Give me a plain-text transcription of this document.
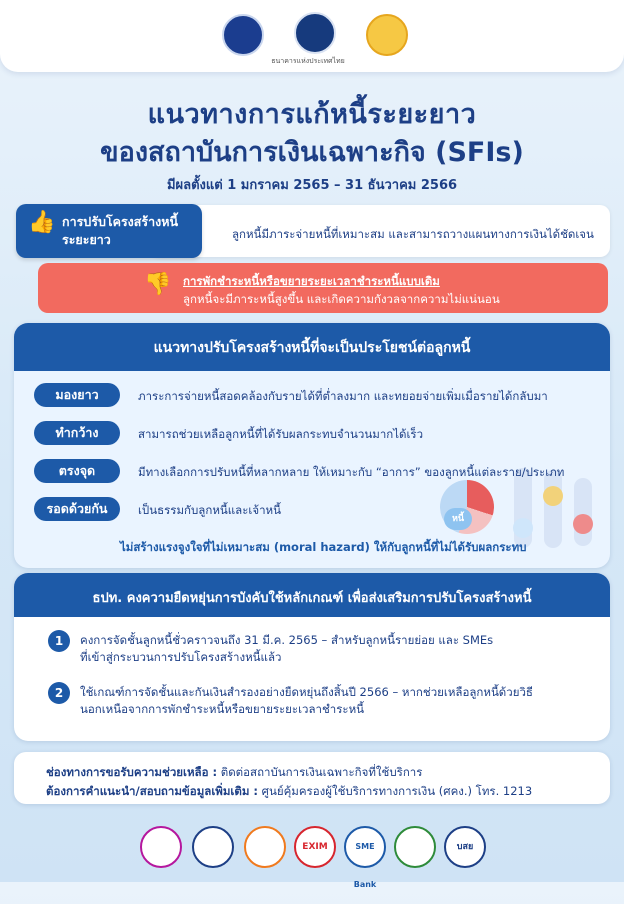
ธนาคารแห่งประเทศไทย
แนวทางการแก้หนี้ระยะยาว
ของสถาบันการเงินเฉพาะกิจ (SFIs)
มีผลตั้งแต่ 1 มกราคม 2565 – 31 ธันวาคม 2566
ลูกหนี้มีภาระจ่ายหนี้ที่เหมาะสม และสามารถวางแผนทางการเงินได้ชัดเจน
👍 การปรับโครงสร้างหนี้ระยะยาว
👎 การพักชำระหนี้หรือขยายระยะเวลาชำระหนี้แบบเดิม
ลูกหนี้จะมีภาระหนี้สูงขึ้น และเกิดความกังวลจากความไม่แน่นอน
แนวทางปรับโครงสร้างหนี้ที่จะเป็นประโยชน์ต่อลูกหนี้
หนี้
มองยาว	ภาระการจ่ายหนี้สอดคล้องกับรายได้ที่ต่ำลงมาก และทยอยจ่ายเพิ่มเมื่อรายได้กลับมา
ทำกว้าง	สามารถช่วยเหลือลูกหนี้ที่ได้รับผลกระทบจำนวนมากได้เร็ว
ตรงจุด	มีทางเลือกการปรับหนี้ที่หลากหลาย ให้เหมาะกับ “อาการ” ของลูกหนี้แต่ละราย/ประเภท
รอดด้วยกัน	เป็นธรรมกับลูกหนี้และเจ้าหนี้
ไม่สร้างแรงจูงใจที่ไม่เหมาะสม (moral hazard) ให้กับลูกหนี้ที่ไม่ได้รับผลกระทบ
ธปท. คงความยืดหยุ่นการบังคับใช้หลักเกณฑ์ เพื่อส่งเสริมการปรับโครงสร้างหนี้
1	คงการจัดชั้นลูกหนี้ชั่วคราวจนถึง 31 มี.ค. 2565 – สำหรับลูกหนี้รายย่อย และ SMEs
ที่เข้าสู่กระบวนการปรับโครงสร้างหนี้แล้ว
2	ใช้เกณฑ์การจัดชั้นและกันเงินสำรองอย่างยืดหยุ่นถึงสิ้นปี 2566 – หากช่วยเหลือลูกหนี้ด้วยวิธี
นอกเหนือจากการพักชำระหนี้หรือขยายระยะเวลาชำระหนี้
ช่องทางการขอรับความช่วยเหลือ : ติดต่อสถาบันการเงินเฉพาะกิจที่ใช้บริการ
ต้องการคำแนะนำ/สอบถามข้อมูลเพิ่มเติม : ศูนย์คุ้มครองผู้ใช้บริการทางการเงิน (ศคง.) โทร. 1213
EXIM	SME Bank
บสย
